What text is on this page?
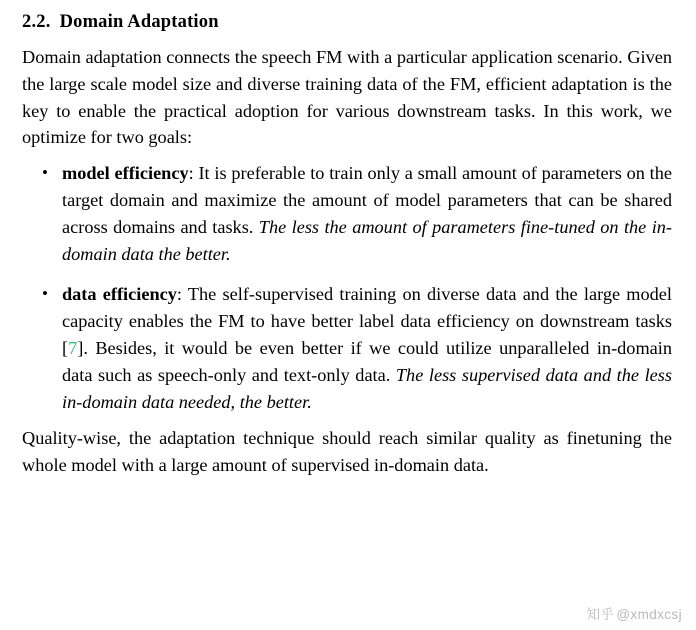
2.2. Domain Adaptation

Domain adaptation connects the speech FM with a particular application scenario. Given the large scale model size and diverse training data of the FM, efficient adaptation is the key to enable the practical adoption for various downstream tasks. In this work, we optimize for two goals:

• model efficiency: It is preferable to train only a small amount of parameters on the target domain and maximize the amount of model parameters that can be shared across domains and tasks. The less the amount of parameters fine-tuned on the in-domain data the better.
• data efficiency: The self-supervised training on diverse data and the large model capacity enables the FM to have better label data efficiency on downstream tasks [7]. Besides, it would be even better if we could utilize unparalleled in-domain data such as speech-only and text-only data. The less supervised data and the less in-domain data needed, the better.

Quality-wise, the adaptation technique should reach similar quality as finetuning the whole model with a large amount of supervised in-domain data.

知乎 @xmdxcsj
